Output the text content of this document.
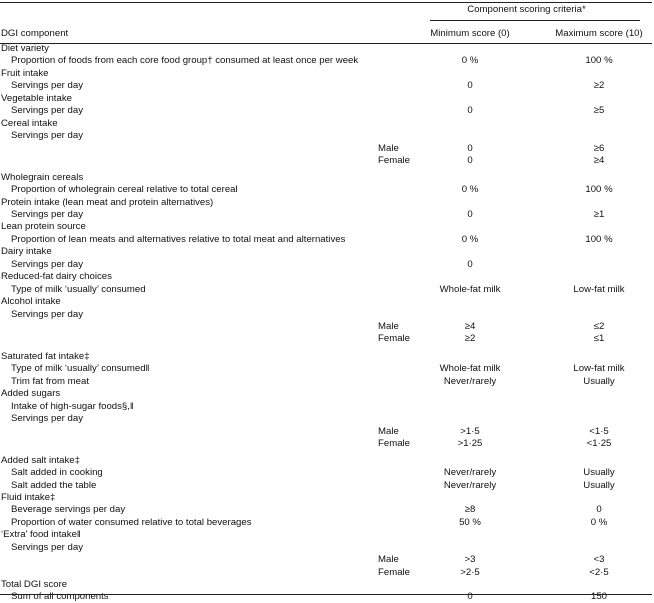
Component scoring criteria*
DGI component	Minimum score (0)	Maximum score (10)
Diet variety
Proportion of foods from each core food group† consumed at least once per week	0 %	100 %
Fruit intake
Servings per day	0	≥2
Vegetable intake
Servings per day	0	≥5
Cereal intake
Servings per day
Male	0	≥6
Female	0	≥4
Wholegrain cereals
Proportion of wholegrain cereal relative to total cereal	0 %	100 %
Protein intake (lean meat and protein alternatives)
Servings per day	0	≥1
Lean protein source
Proportion of lean meats and alternatives relative to total meat and alternatives	0 %	100 %
Dairy intake
Servings per day	0
Reduced-fat dairy choices
Type of milk ‘usually’ consumed	Whole-fat milk	Low-fat milk
Alcohol intake
Servings per day
Male	≥4	≤2
Female	≥2	≤1
Saturated fat intake‡
Type of milk ‘usually’ consumed‖	Whole-fat milk	Low-fat milk
Trim fat from meat	Never/rarely	Usually
Added sugars
Intake of high-sugar foods§,‖
Servings per day
Male	>1·5	<1·5
Female	>1·25	<1·25
Added salt intake‡
Salt added in cooking	Never/rarely	Usually
Salt added the table	Never/rarely	Usually
Fluid intake‡
Beverage servings per day	≥8	0
Proportion of water consumed relative to total beverages	50 %	0 %
‘Extra’ food intake‖
Servings per day
Male	>3	<3
Female	>2·5	<2·5
Total DGI score
Sum of all components	0	150
